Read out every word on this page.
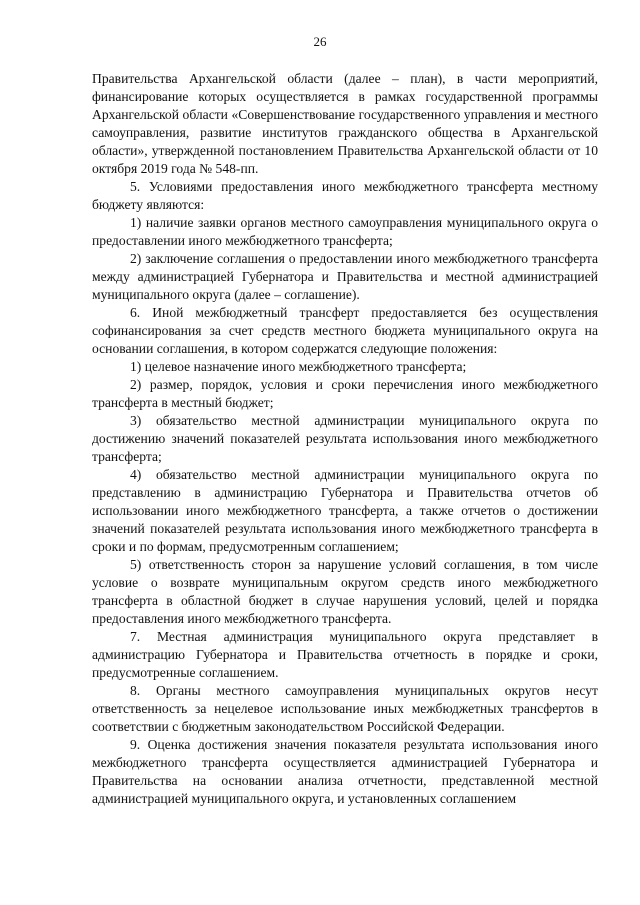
26

Правительства Архангельской области (далее – план), в части мероприятий, финансирование которых осуществляется в рамках государственной программы Архангельской области «Совершенствование государственного управления и местного самоуправления, развитие институтов гражданского общества в Архангельской области», утвержденной постановлением Правительства Архангельской области от 10 октября 2019 года № 548-пп.

5. Условиями предоставления иного межбюджетного трансферта местному бюджету являются:

1) наличие заявки органов местного самоуправления муниципального округа о предоставлении иного межбюджетного трансферта;

2) заключение соглашения о предоставлении иного межбюджетного трансферта между администрацией Губернатора и Правительства и местной администрацией муниципального округа (далее – соглашение).

6. Иной межбюджетный трансферт предоставляется без осуществления софинансирования за счет средств местного бюджета муниципального округа на основании соглашения, в котором содержатся следующие положения:

1) целевое назначение иного межбюджетного трансферта;

2) размер, порядок, условия и сроки перечисления иного межбюджетного трансферта в местный бюджет;

3) обязательство местной администрации муниципального округа по достижению значений показателей результата использования иного межбюджетного трансферта;

4) обязательство местной администрации муниципального округа по представлению в администрацию Губернатора и Правительства отчетов об использовании иного межбюджетного трансферта, а также отчетов о достижении значений показателей результата использования иного межбюджетного трансферта в сроки и по формам, предусмотренным соглашением;

5) ответственность сторон за нарушение условий соглашения, в том числе условие о возврате муниципальным округом средств иного межбюджетного трансферта в областной бюджет в случае нарушения условий, целей и порядка предоставления иного межбюджетного трансферта.

7. Местная администрация муниципального округа представляет в администрацию Губернатора и Правительства отчетность в порядке и сроки, предусмотренные соглашением.

8. Органы местного самоуправления муниципальных округов несут ответственность за нецелевое использование иных межбюджетных трансфертов в соответствии с бюджетным законодательством Российской Федерации.

9. Оценка достижения значения показателя результата использования иного межбюджетного трансферта осуществляется администрацией Губернатора и Правительства на основании анализа отчетности, представленной местной администрацией муниципального округа, и установленных соглашением
